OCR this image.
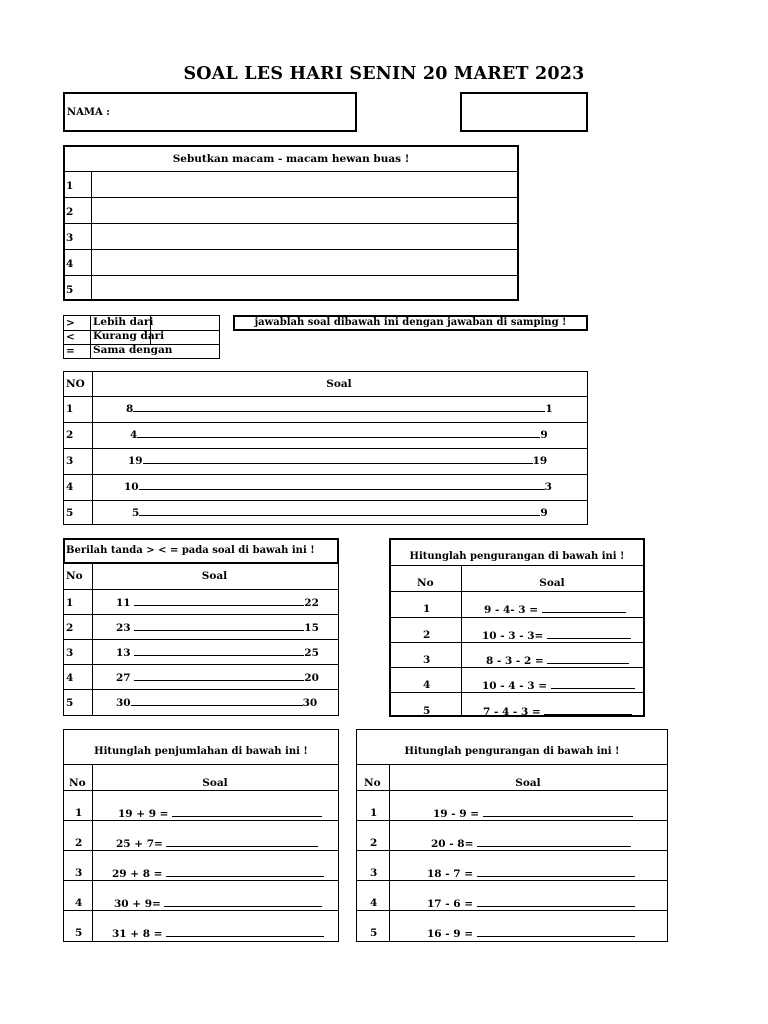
SOAL LES HARI SENIN 20 MARET 2023
NAMA :
Sebutkan macam - macam hewan buas !
1
2
3
4
5
> Lebih dari
< Kurang dari
= Sama dengan
jawablah soal dibawah ini dengan jawaban di samping !
NO	Soal
1	8	1
2	4	9
3	19	19
4	10	3
5	5	9
Berilah tanda > < = pada soal di bawah ini !
No	Soal
1	11	22
2	23	15
3	13	25
4	27	20
5	30	30
Hitunglah pengurangan di bawah ini !
No	Soal
1	9 - 4- 3 =
2	10 - 3 - 3=
3	8 - 3 - 2 =
4	10 - 4 - 3 =
5	7 - 4 - 3 =
Hitunglah penjumlahan di bawah ini !
No	Soal
1	19 + 9 =
2	25 + 7=
3	29 + 8 =
4	30 + 9=
5	31 + 8 =
Hitunglah pengurangan di bawah ini !
No	Soal
1	19 - 9 =
2	20 - 8=
3	18 - 7 =
4	17 - 6 =
5	16 - 9 =
